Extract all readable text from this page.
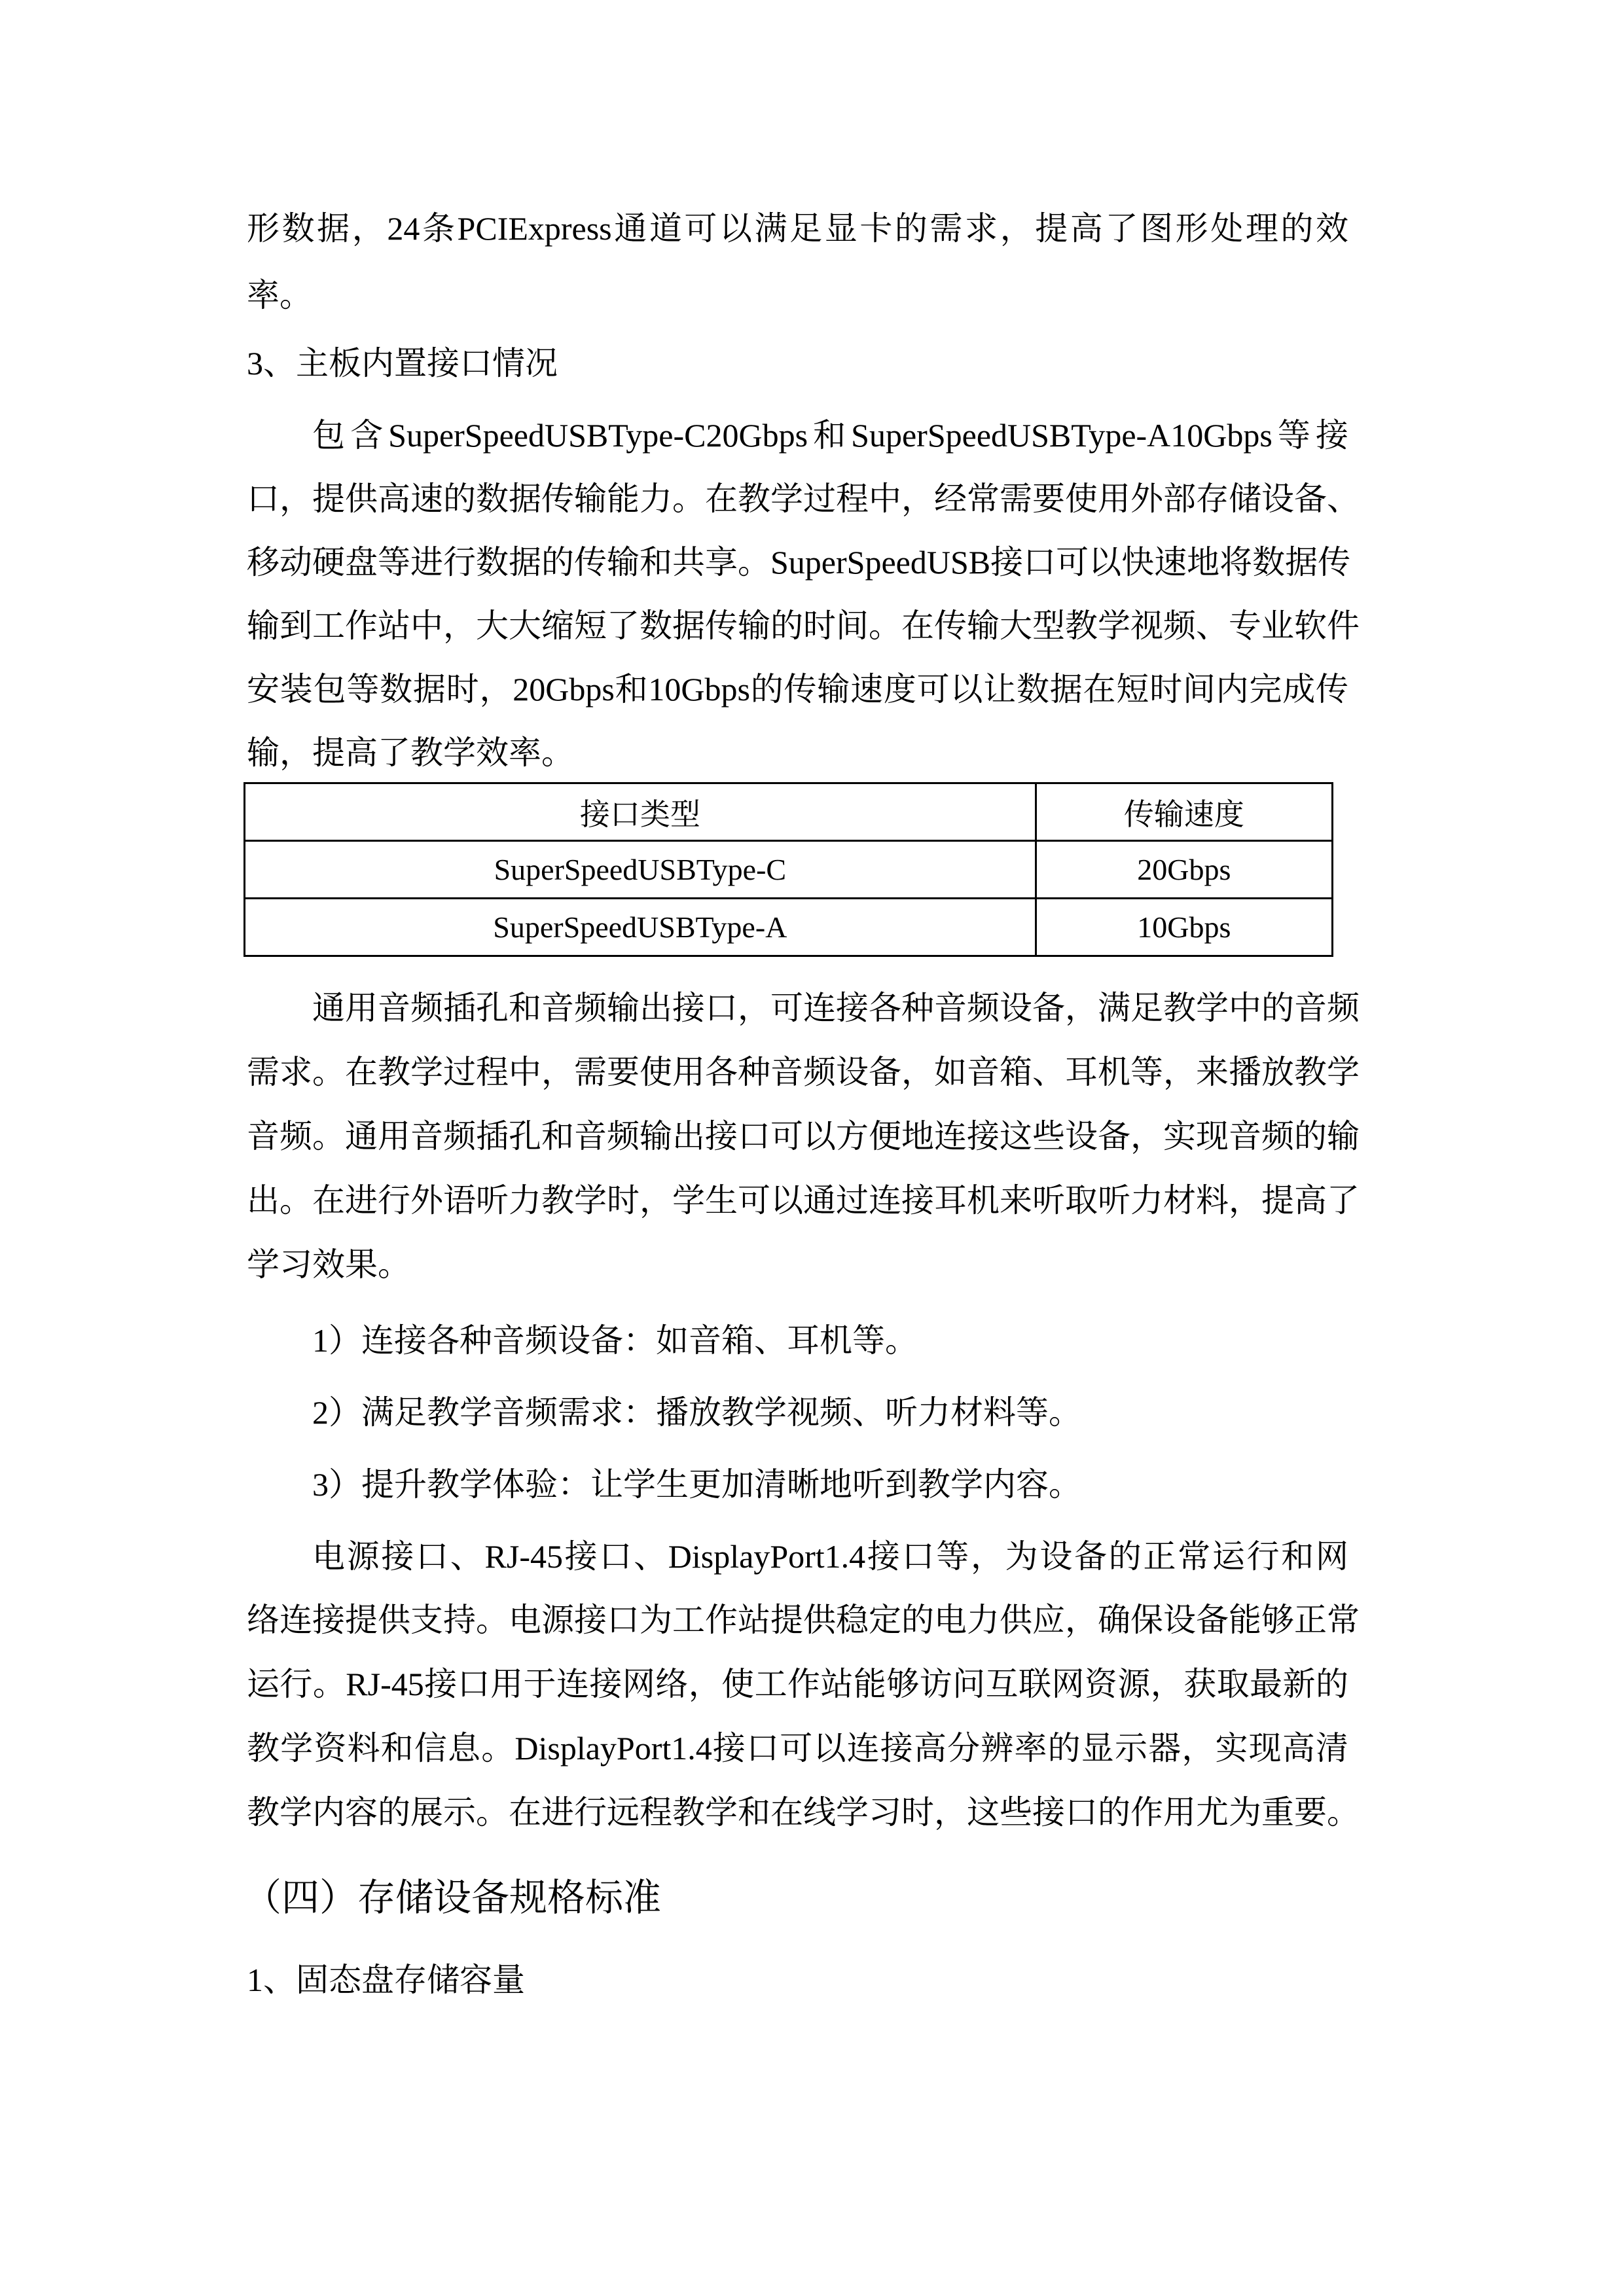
形数据，24条PCIExpress通道可以满足显卡的需求，提高了图形处理的效
率。
3、主板内置接口情况
包含SuperSpeedUSBType-C20Gbps和SuperSpeedUSBType-A10Gbps等接
口，提供高速的数据传输能力。在教学过程中，经常需要使用外部存储设备、
移动硬盘等进行数据的传输和共享。SuperSpeedUSB接口可以快速地将数据传
输到工作站中，大大缩短了数据传输的时间。在传输大型教学视频、专业软件
安装包等数据时，20Gbps和10Gbps的传输速度可以让数据在短时间内完成传
输，提高了教学效率。
接口类型	传输速度
SuperSpeedUSBType-C	20Gbps
SuperSpeedUSBType-A	10Gbps
通用音频插孔和音频输出接口，可连接各种音频设备，满足教学中的音频
需求。在教学过程中，需要使用各种音频设备，如音箱、耳机等，来播放教学
音频。通用音频插孔和音频输出接口可以方便地连接这些设备，实现音频的输
出。在进行外语听力教学时，学生可以通过连接耳机来听取听力材料，提高了
学习效果。
1）连接各种音频设备：如音箱、耳机等。
2）满足教学音频需求：播放教学视频、听力材料等。
3）提升教学体验：让学生更加清晰地听到教学内容。
电源接口、RJ-45接口、DisplayPort1.4接口等，为设备的正常运行和网
络连接提供支持。电源接口为工作站提供稳定的电力供应，确保设备能够正常
运行。RJ-45接口用于连接网络，使工作站能够访问互联网资源，获取最新的
教学资料和信息。DisplayPort1.4接口可以连接高分辨率的显示器，实现高清
教学内容的展示。在进行远程教学和在线学习时，这些接口的作用尤为重要。
（四）存储设备规格标准
1、固态盘存储容量
